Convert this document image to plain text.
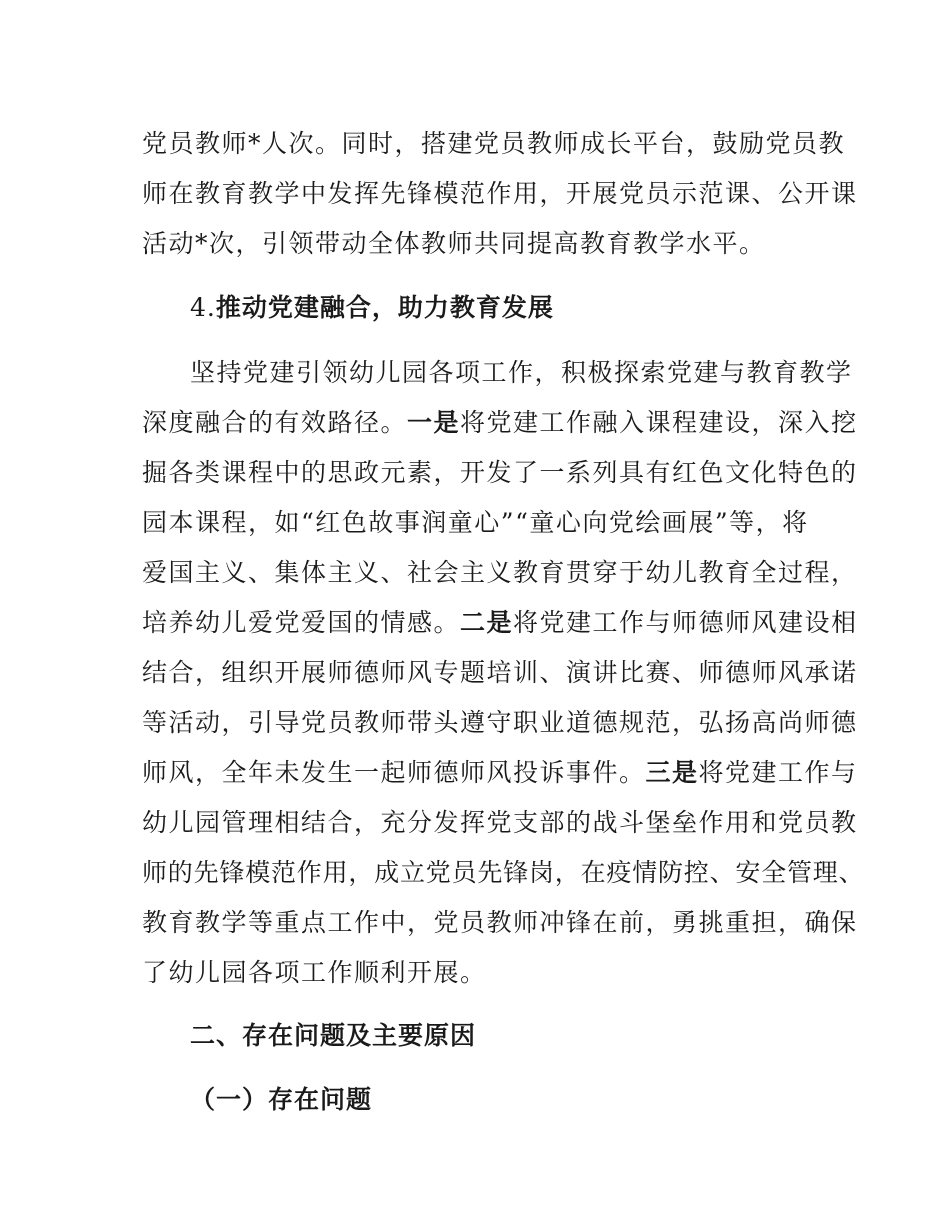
党员教师*人次。同时，搭建党员教师成长平台，鼓励党员教
师在教育教学中发挥先锋模范作用，开展党员示范课、公开课
活动*次，引领带动全体教师共同提高教育教学水平。
4.推动党建融合，助力教育发展
坚持党建引领幼儿园各项工作，积极探索党建与教育教学
深度融合的有效路径。一是将党建工作融入课程建设，深入挖
掘各类课程中的思政元素，开发了一系列具有红色文化特色的
园本课程，如“红色故事润童心”“童心向党绘画展”等，将
爱国主义、集体主义、社会主义教育贯穿于幼儿教育全过程，
培养幼儿爱党爱国的情感。二是将党建工作与师德师风建设相
结合，组织开展师德师风专题培训、演讲比赛、师德师风承诺
等活动，引导党员教师带头遵守职业道德规范，弘扬高尚师德
师风，全年未发生一起师德师风投诉事件。三是将党建工作与
幼儿园管理相结合，充分发挥党支部的战斗堡垒作用和党员教
师的先锋模范作用，成立党员先锋岗，在疫情防控、安全管理、
教育教学等重点工作中，党员教师冲锋在前，勇挑重担，确保
了幼儿园各项工作顺利开展。
二、存在问题及主要原因
（一）存在问题
